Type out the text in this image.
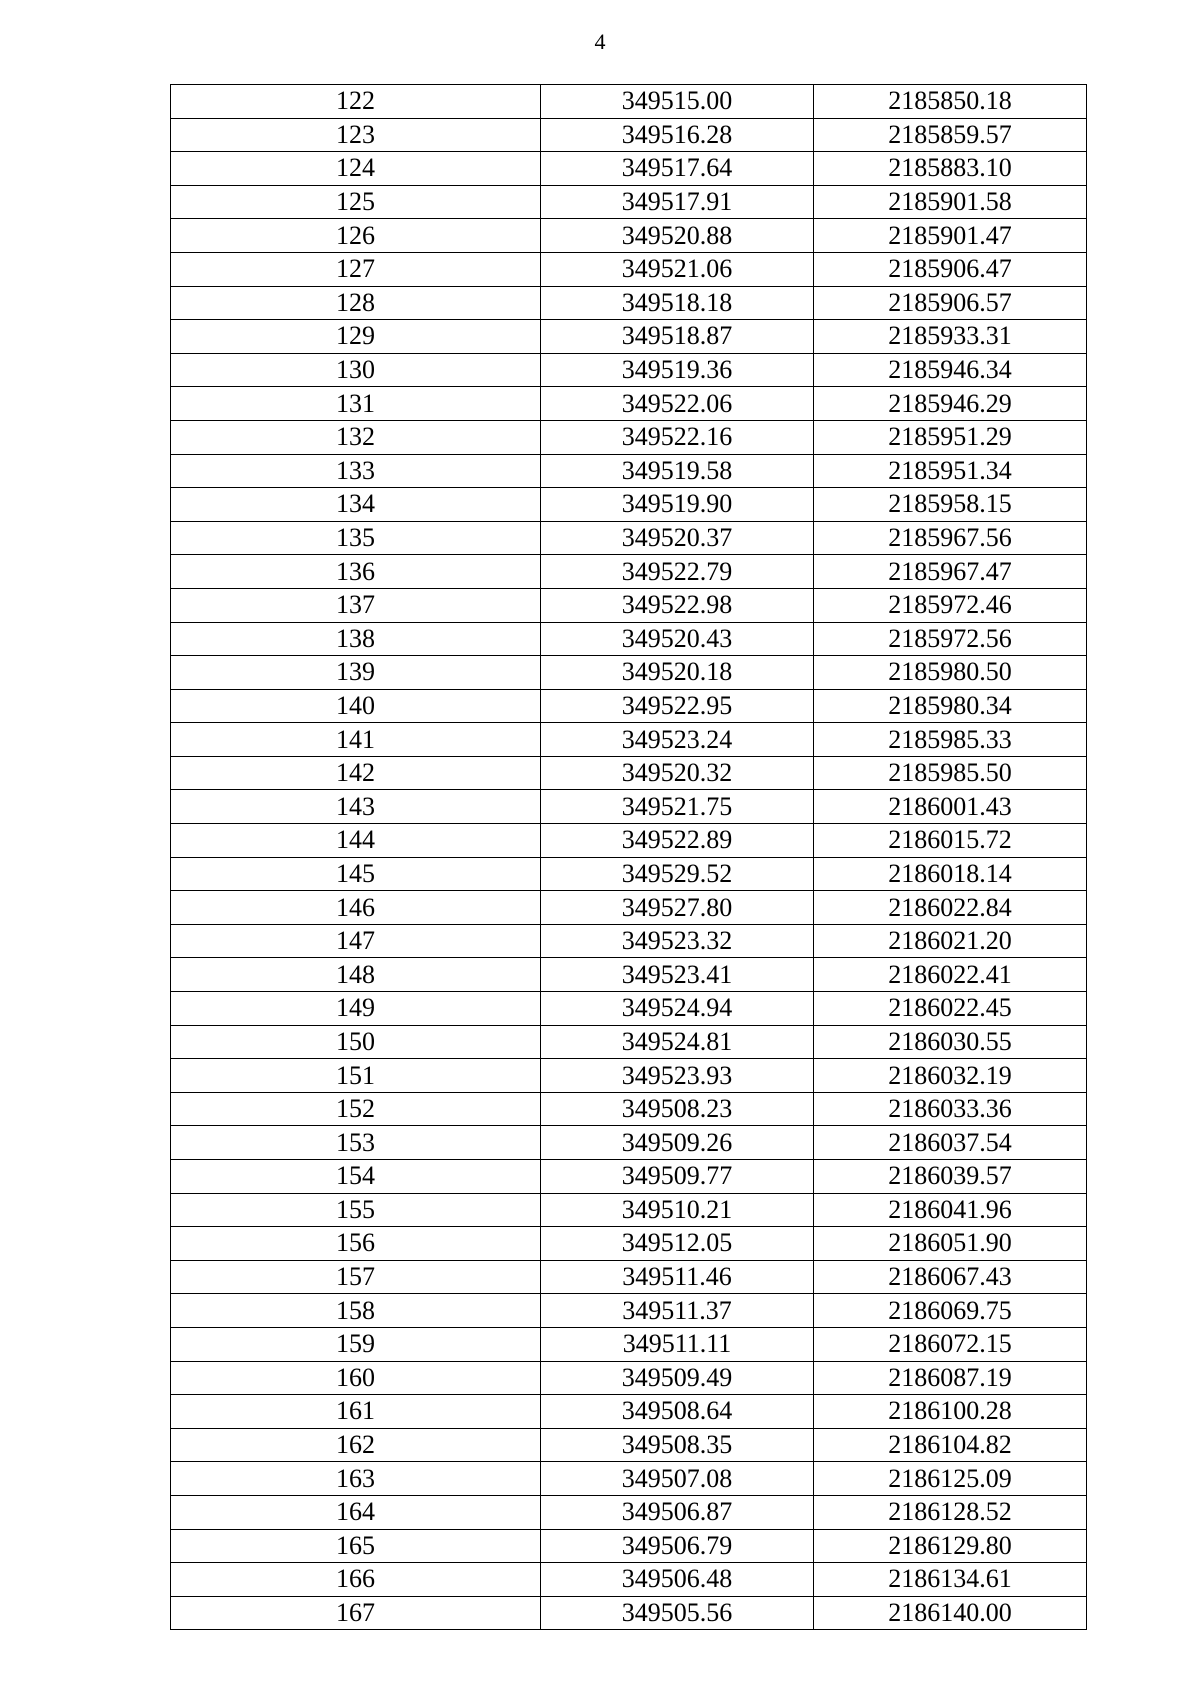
4
122	349515.00	2185850.18
123	349516.28	2185859.57
124	349517.64	2185883.10
125	349517.91	2185901.58
126	349520.88	2185901.47
127	349521.06	2185906.47
128	349518.18	2185906.57
129	349518.87	2185933.31
130	349519.36	2185946.34
131	349522.06	2185946.29
132	349522.16	2185951.29
133	349519.58	2185951.34
134	349519.90	2185958.15
135	349520.37	2185967.56
136	349522.79	2185967.47
137	349522.98	2185972.46
138	349520.43	2185972.56
139	349520.18	2185980.50
140	349522.95	2185980.34
141	349523.24	2185985.33
142	349520.32	2185985.50
143	349521.75	2186001.43
144	349522.89	2186015.72
145	349529.52	2186018.14
146	349527.80	2186022.84
147	349523.32	2186021.20
148	349523.41	2186022.41
149	349524.94	2186022.45
150	349524.81	2186030.55
151	349523.93	2186032.19
152	349508.23	2186033.36
153	349509.26	2186037.54
154	349509.77	2186039.57
155	349510.21	2186041.96
156	349512.05	2186051.90
157	349511.46	2186067.43
158	349511.37	2186069.75
159	349511.11	2186072.15
160	349509.49	2186087.19
161	349508.64	2186100.28
162	349508.35	2186104.82
163	349507.08	2186125.09
164	349506.87	2186128.52
165	349506.79	2186129.80
166	349506.48	2186134.61
167	349505.56	2186140.00
